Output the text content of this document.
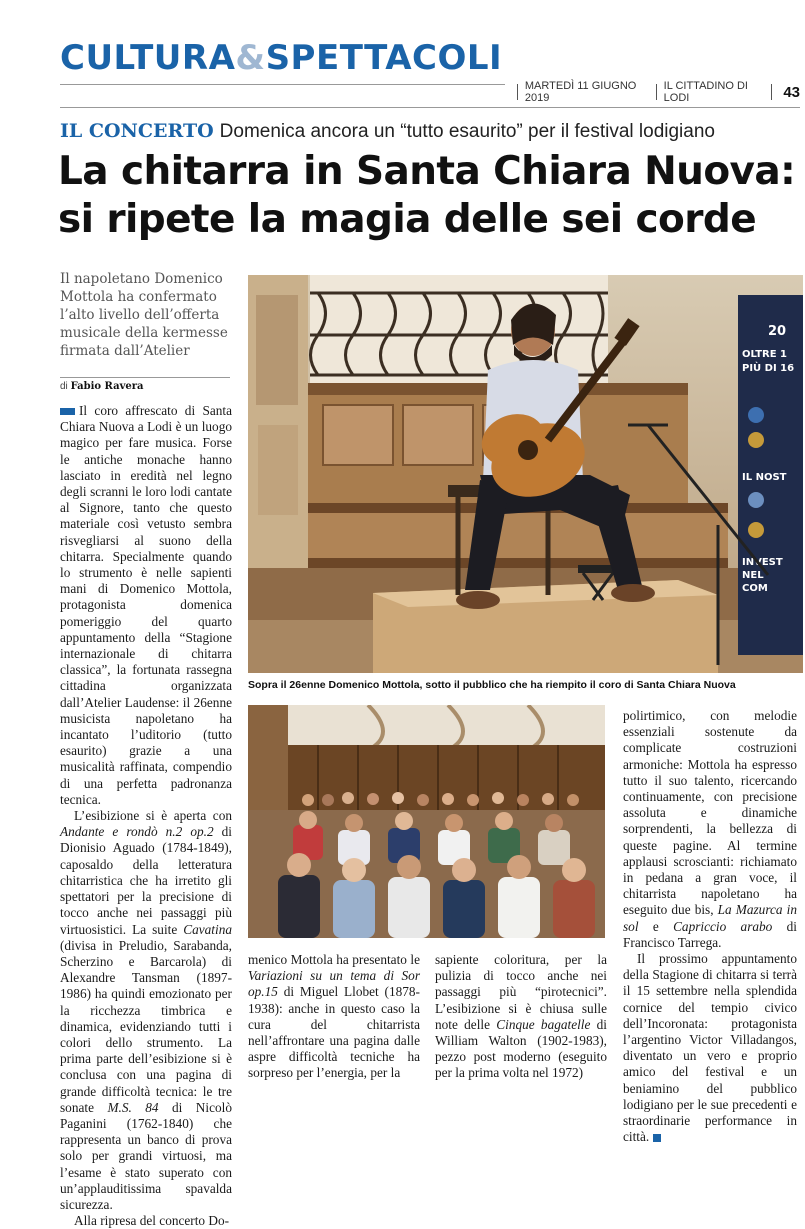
CULTURA&SPETTACOLI
MARTEDÌ 11 GIUGNO 2019
IL CITTADINO DI LODI	43
IL CONCERTO Domenica ancora un “tutto esaurito” per il festival lodigiano
La chitarra in Santa Chiara Nuova:
si ripete la magia delle sei corde
Il napoletano Domenico Mottola ha confermato l’alto livello dell’offerta musicale della kermesse firmata dall’Atelier
di Fabio Ravera

Il coro affrescato di Santa Chiara Nuova a Lodi è un luogo magico per fare musica. Forse le antiche monache hanno lasciato in eredità nel legno degli scranni le loro lodi cantate al Signore, tanto che questo materiale così vetusto sembra risvegliarsi al suono della chitarra. Specialmente quando lo strumento è nelle sapienti mani di Domenico Mottola, protagonista domenica pomeriggio del quarto appuntamento della “Stagione internazionale di chitarra classica”, la fortunata rassegna cittadina organizzata dall’Atelier Laudense: il 26enne musicista napoletano ha incantato l’uditorio (tutto esaurito) grazie a una musicalità raffinata, compendio di una perfetta padronanza tecnica.

L’esibizione si è aperta con Andante e rondò n.2 op.2 di Dionisio Aguado (1784-1849), caposaldo della letteratura chitarristica che ha irretito gli spettatori per la precisione di tocco anche nei passaggi più virtuosistici. La suite Cavatina (divisa in Preludio, Sarabanda, Scherzino e Barcarola) di Alexandre Tansman (1897-1986) ha quindi emozionato per la ricchezza timbrica e dinamica, evidenziando tutti i colori dello strumento. La prima parte dell’esibizione si è conclusa con una pagina di grande difficoltà tecnica: le tre sonate M.S. 84 di Nicolò Paganini (1762-1840) che rappresenta un banco di prova solo per grandi virtuosi, ma l’esame è stato superato con un’applauditissima spavalda sicurezza.

Alla ripresa del concerto Do-

20
OLTRE 1
PIÙ DI 16
IL NOST
INVEST
NEL
COM
Sopra il 26enne Domenico Mottola, sotto il pubblico che ha riempito il coro di Santa Chiara Nuova

menico Mottola ha presentato le Variazioni su un tema di Sor op.15 di Miguel Llobet (1878-1938): anche in questo caso la cura del chitarrista nell’affrontare una pagina dalle aspre difficoltà tecniche ha sorpreso per l’energia, per la

sapiente coloritura, per la pulizia di tocco anche nei passaggi più “pirotecnici”. L’esibizione si è chiusa sulle note delle Cinque bagatelle di William Walton (1902-1983), pezzo post moderno (eseguito per la prima volta nel 1972)

polirtimico, con melodie essenziali sostenute da complicate costruzioni armoniche: Mottola ha espresso tutto il suo talento, ricercando continuamente, con precisione assoluta e dinamiche sorprendenti, la bellezza di queste pagine. Al termine applausi scroscianti: richiamato in pedana a gran voce, il chitarrista napoletano ha eseguito due bis, La Mazurca in sol e Capriccio arabo di Francisco Tarrega.

Il prossimo appuntamento della Stagione di chitarra si terrà il 15 settembre nella splendida cornice del tempio civico dell’Incoronata: protagonista l’argentino Victor Villadangos, diventato un vero e proprio amico del festival e un beniamino del pubblico lodigiano per le sue precedenti e straordinarie performance in città.
